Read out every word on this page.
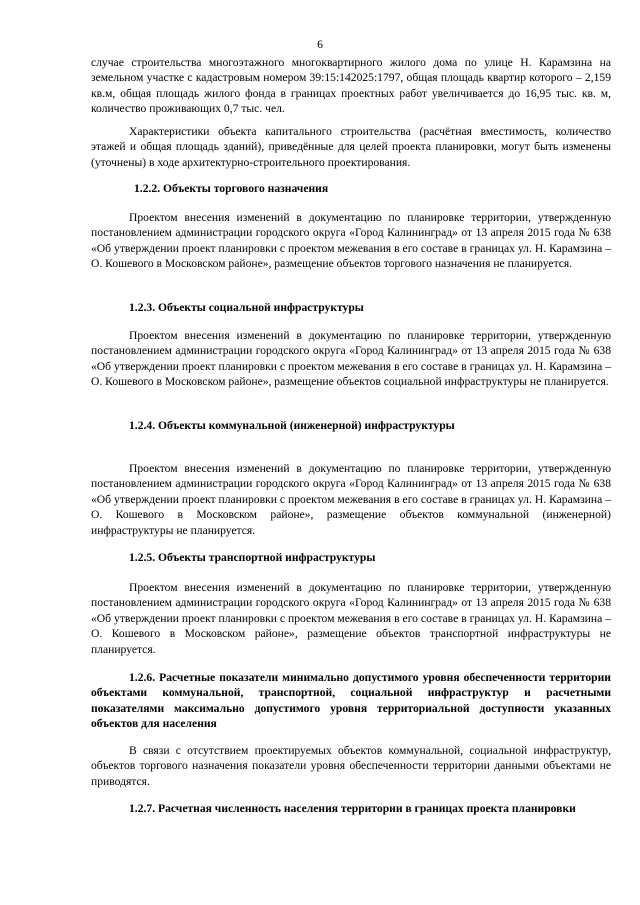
6

случае строительства многоэтажного многоквартирного жилого дома по улице Н. Карамзина на земельном участке с кадастровым номером 39:15:142025:1797, общая площадь квартир которого – 2,159 кв.м, общая площадь жилого фонда в границах проектных работ увеличивается до 16,95 тыс. кв. м, количество проживающих 0,7 тыс. чел.

Характеристики объекта капитального строительства (расчётная вместимость, количество этажей и общая площадь зданий), приведённые для целей проекта планировки, могут быть изменены (уточнены) в ходе архитектурно-строительного проектирования.

1.2.2. Объекты торгового назначения

Проектом внесения изменений в документацию по планировке территории, утвержденную постановлением администрации городского округа «Город Калининград» от 13 апреля 2015 года № 638 «Об утверждении проект планировки с проектом межевания в его составе в границах ул. Н. Карамзина – О. Кошевого в Московском районе», размещение объектов торгового назначения не планируется.

1.2.3. Объекты социальной инфраструктуры

Проектом внесения изменений в документацию по планировке территории, утвержденную постановлением администрации городского округа «Город Калининград» от 13 апреля 2015 года № 638 «Об утверждении проект планировки с проектом межевания в его составе в границах ул. Н. Карамзина – О. Кошевого в Московском районе», размещение объектов социальной инфраструктуры не планируется.

1.2.4. Объекты коммунальной (инженерной) инфраструктуры

Проектом внесения изменений в документацию по планировке территории, утвержденную постановлением администрации городского округа «Город Калининград» от 13 апреля 2015 года № 638 «Об утверждении проект планировки с проектом межевания в его составе в границах ул. Н. Карамзина – О. Кошевого в Московском районе», размещение объектов коммунальной (инженерной) инфраструктуры не планируется.

1.2.5. Объекты транспортной инфраструктуры

Проектом внесения изменений в документацию по планировке территории, утвержденную постановлением администрации городского округа «Город Калининград» от 13 апреля 2015 года № 638 «Об утверждении проект планировки с проектом межевания в его составе в границах ул. Н. Карамзина – О. Кошевого в Московском районе», размещение объектов транспортной инфраструктуры не планируется.

1.2.6. Расчетные показатели минимально допустимого уровня обеспеченности территории объектами коммунальной, транспортной, социальной инфраструктур и расчетными показателями максимально допустимого уровня территориальной доступности указанных объектов для населения

В связи с отсутствием проектируемых объектов коммунальной, социальной инфраструктур, объектов торгового назначения показатели уровня обеспеченности территории данными объектами не приводятся.

1.2.7. Расчетная численность населения территории в границах проекта планировки
